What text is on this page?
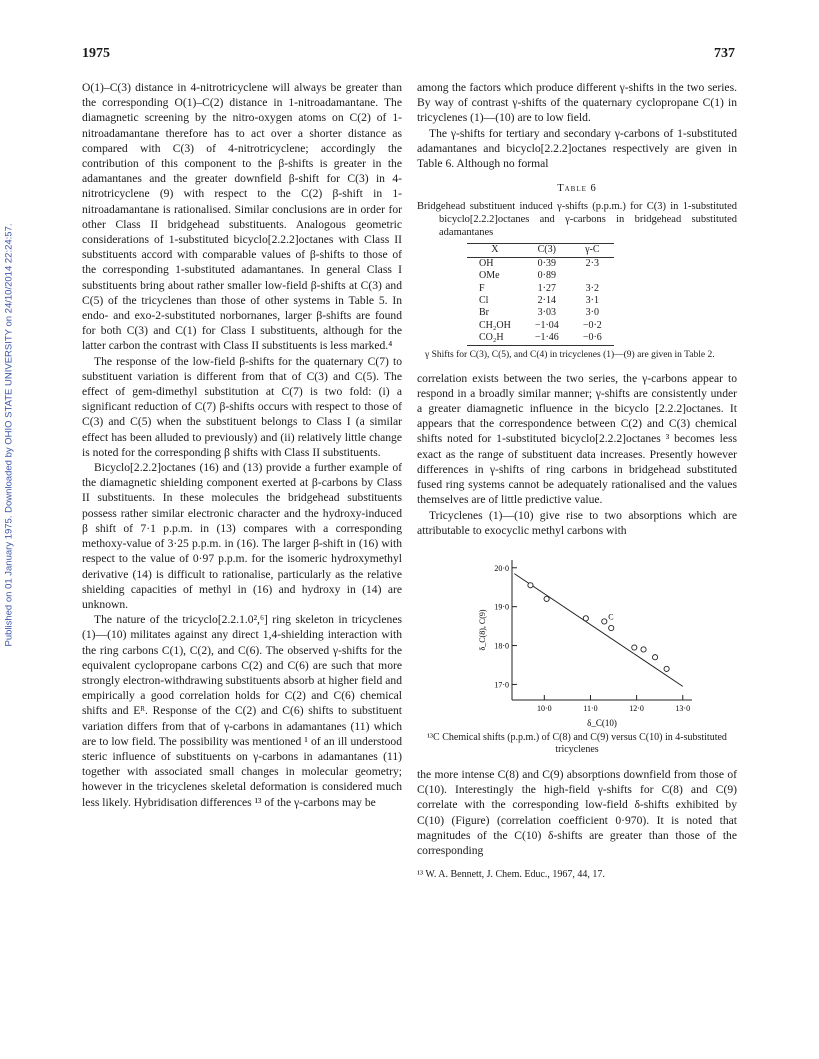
Published on 01 January 1975. Downloaded by OHIO STATE UNIVERSITY on 24/10/2014 22:24:57.
1975	737

O(1)–C(3) distance in 4-nitrotricyclene will always be greater than the corresponding O(1)–C(2) distance in 1-nitroadamantane. The diamagnetic screening by the nitro-oxygen atoms on C(2) of 1-nitroadamantane therefore has to act over a shorter distance as compared with C(3) of 4-nitrotricyclene; accordingly the contribution of this component to the β-shifts is greater in the adamantanes and the greater downfield β-shift for C(3) in 4-nitrotricyclene (9) with respect to the C(2) β-shift in 1-nitroadamantane is rationalised. Similar conclusions are in order for other Class II bridgehead substituents. Analogous geometric considerations of 1-substituted bicyclo[2.2.2]octanes with Class II substituents accord with comparable values of β-shifts to those of the corresponding 1-substituted adamantanes. In general Class I substituents bring about rather smaller low-field β-shifts at C(3) and C(5) of the tricyclenes than those of other systems in Table 5. In endo- and exo-2-substituted norbornanes, larger β-shifts are found for both C(3) and C(1) for Class I substituents, although for the latter carbon the contrast with Class II substituents is less marked.⁴

The response of the low-field β-shifts for the quaternary C(7) to substituent variation is different from that of C(3) and C(5). The effect of gem-dimethyl substitution at C(7) is two fold: (i) a significant reduction of C(7) β-shifts occurs with respect to those of C(3) and C(5) when the substituent belongs to Class I (a similar effect has been alluded to previously) and (ii) relatively little change is noted for the corresponding β shifts with Class II substituents.

Bicyclo[2.2.2]octanes (16) and (13) provide a further example of the diamagnetic shielding component exerted at β-carbons by Class II substituents. In these molecules the bridgehead substituents possess rather similar electronic character and the hydroxy-induced β shift of 7·1 p.p.m. in (13) compares with a corresponding methoxy-value of 3·25 p.p.m. in (16). The larger β-shift in (16) with respect to the value of 0·97 p.p.m. for the isomeric hydroxymethyl derivative (14) is difficult to rationalise, particularly as the relative shielding capacities of methyl in (16) and hydroxy in (14) are unknown.

The nature of the tricyclo[2.2.1.0²,⁶] ring skeleton in tricyclenes (1)—(10) militates against any direct 1,4-shielding interaction with the ring carbons C(1), C(2), and C(6). The observed γ-shifts for the equivalent cyclopropane carbons C(2) and C(6) are such that more strongly electron-withdrawing substituents absorb at higher field and empirically a good correlation holds for C(2) and C(6) chemical shifts and Eᴿ. Response of the C(2) and C(6) shifts to substituent variation differs from that of γ-carbons in adamantanes (11) which are to low field. The possibility was mentioned ¹ of an ill understood steric influence of substituents on γ-carbons in adamantanes (11) together with associated small changes in molecular geometry; however in the tricyclenes skeletal deformation is considered much less likely. Hybridisation differences ¹³ of the γ-carbons may be

among the factors which produce different γ-shifts in the two series. By way of contrast γ-shifts of the quaternary cyclopropane C(1) in tricyclenes (1)—(10) are to low field.

The γ-shifts for tertiary and secondary γ-carbons of 1-substituted adamantanes and bicyclo[2.2.2]octanes respectively are given in Table 6. Although no formal

Table 6
Bridgehead substituent induced γ-shifts (p.p.m.) for C(3) in 1-substituted bicyclo[2.2.2]octanes and γ-carbons in bridgehead substituted adamantanes
X	C(3)	γ-C
OH	0·39	2·3
OMe	0·89	
F	1·27	3·2
Cl	2·14	3·1
Br	3·03	3·0
CH₂OH	−1·04	−0·2
CO₂H	−1·46	−0·6
γ Shifts for C(3), C(5), and C(4) in tricyclenes (1)—(9) are given in Table 2.

correlation exists between the two series, the γ-carbons appear to respond in a broadly similar manner; γ-shifts are consistently under a greater diamagnetic influence in the bicyclo [2.2.2]octanes. It appears that the correspondence between C(2) and C(3) chemical shifts noted for 1-substituted bicyclo[2.2.2]octanes ³ becomes less exact as the range of substituent data increases. Presently however differences in γ-shifts of ring carbons in bridgehead substituted fused ring systems cannot be adequately rationalised and the values themselves are of little predictive value.

Tricyclenes (1)—(10) give rise to two absorptions which are attributable to exocyclic methyl carbons with

20·0
19·0
18·0
17·0
10·0	11·0	12·0	13·0
C
δ_C(10)
δ_C(8), C(9)
¹³C Chemical shifts (p.p.m.) of C(8) and C(9) versus C(10) in 4-substituted tricyclenes

the more intense C(8) and C(9) absorptions downfield from those of C(10). Interestingly the high-field γ-shifts for C(8) and C(9) correlate with the corresponding low-field δ-shifts exhibited by C(10) (Figure) (correlation coefficient 0·970). It is noted that magnitudes of the C(10) δ-shifts are greater than those of the corresponding

¹³ W. A. Bennett, J. Chem. Educ., 1967, 44, 17.
